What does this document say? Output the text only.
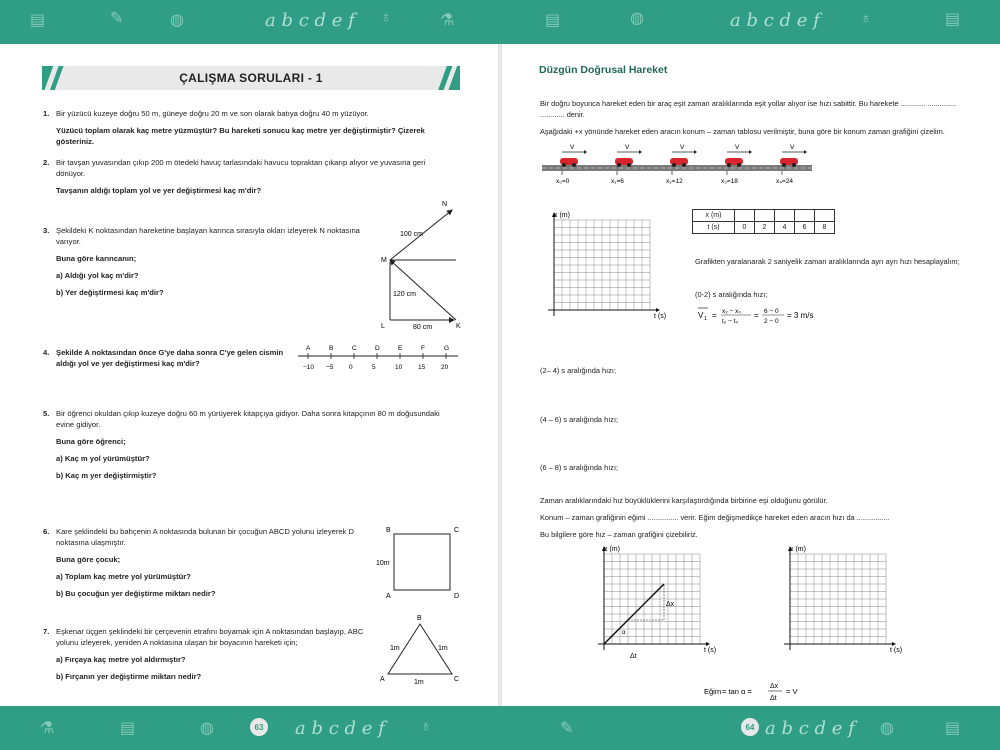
▤	✎	◍	a b c d e f ♁	⚗	▤	◍	a b c d e f	♁	▤
ÇALIŞMA SORULARI - 1
1. Bir yüzücü kuzeye doğru 50 m, güneye doğru 20 m ve son olarak batıya doğru 40 m yüzüyor.

Yüzücü toplam olarak kaç metre yüzmüştür? Bu hareketi sonucu kaç metre yer değiştirmiştir? Çizerek gösteriniz.

2. Bir tavşan yuvasından çıkıp 200 m ötedeki havuç tarlasındaki havucu topraktan çıkarıp alıyor ve yuvasına geri dönüyor.

Tavşanın aldığı toplam yol ve yer değiştirmesi kaç m'dir?

3. Şekildeki K noktasından hareketine başlayan karınca sırasıyla okları izleyerek N noktasına varıyor.

Buna göre karıncanın;

a) Aldığı yol kaç m'dir?

b) Yer değiştirmesi kaç m'dir?

N
M
L	K
100 cm
120 cm
80 cm
4. Şekilde A noktasından önce G'ye daha sonra C'ye gelen cismin aldığı yol ve yer değiştirmesi kaç m'dir?

A
−10
B
−5
C
0
D
5
E
10
F
15
G
20
5. Bir öğrenci okuldan çıkıp kuzeye doğru 60 m yürüyerek kitapçıya gidiyor. Daha sonra kitapçının 80 m doğusundaki evine gidiyor.

Buna göre öğrenci;

a) Kaç m yol yürümüştür?

b) Kaç m yer değiştirmiştir?

6. Kare şeklindeki bu bahçenin A noktasında bulunan bir çocuğun ABCD yolunu izleyerek D noktasına ulaşmıştır.

Buna göre çocuk;

a) Toplam kaç metre yol yürümüştür?

b) Bu çocuğun yer değiştirme miktarı nedir?

B	C
A	D
10m
7. Eşkenar üçgen şeklindeki bir çerçevenin etrafını boyamak için A noktasından başlayıp, ABC yolunu izleyerek, yeniden A noktasına ulaşan bir boyacının hareketi için;

a) Fırçaya kaç metre yol aldırmıştır?

b) Fırçanın yer değiştirme miktarı nedir?

B
A	C
1m	1m
1m
Düzgün Doğrusal Hareket
Bir doğru boyunca hareket eden bir araç eşit zaman aralıklarında eşit yollar alıyor ise hızı sabittir. Bu harekete ............ ..............
............ denir.
Aşağıdaki +x yönünde hareket eden aracın konum – zaman tablosu verilmiştir, buna göre bir konum zaman grafiğini çizelim.
V
x₀=0
V
x₁=6
V
x₂=12
V
x₃=18
V
x₄=24
x (m)
t (s)
x (m)					
t (s)	0	2	4	6	8
Grafikten yaralanarak 2 saniyelik zaman aralıklarında ayrı ayrı hızı hesaplayalım;
(0-2) s aralığında hızı;
V 1 = x₂ − x₀
t₂ − t₀
= 6 − 0
2 − 0
= 3 m/s
(2– 4) s aralığında hızı;
(4 – 6) s aralığında hızı;
(6 – 8) s aralığında hızı;
Zaman aralıklarındaki hız büyüklüklerini karşılaştırdığında birbirine eşi olduğunu görülür.
Konum – zaman grafiğinin eğimi ............... verir. Eğim değişmedikçe hareket eden aracın hızı da ................
Bu bilgilere göre hız – zaman grafiğini çizebiliriz.
Δx
Δt
α
x (m)
t (s)
x (m)
t (s)
Eğim = tan α =
Δx
Δt
= V
⚗	▤	◍	63 a b c d e f ♁	✎	64 a b c d e f ◍	▤
